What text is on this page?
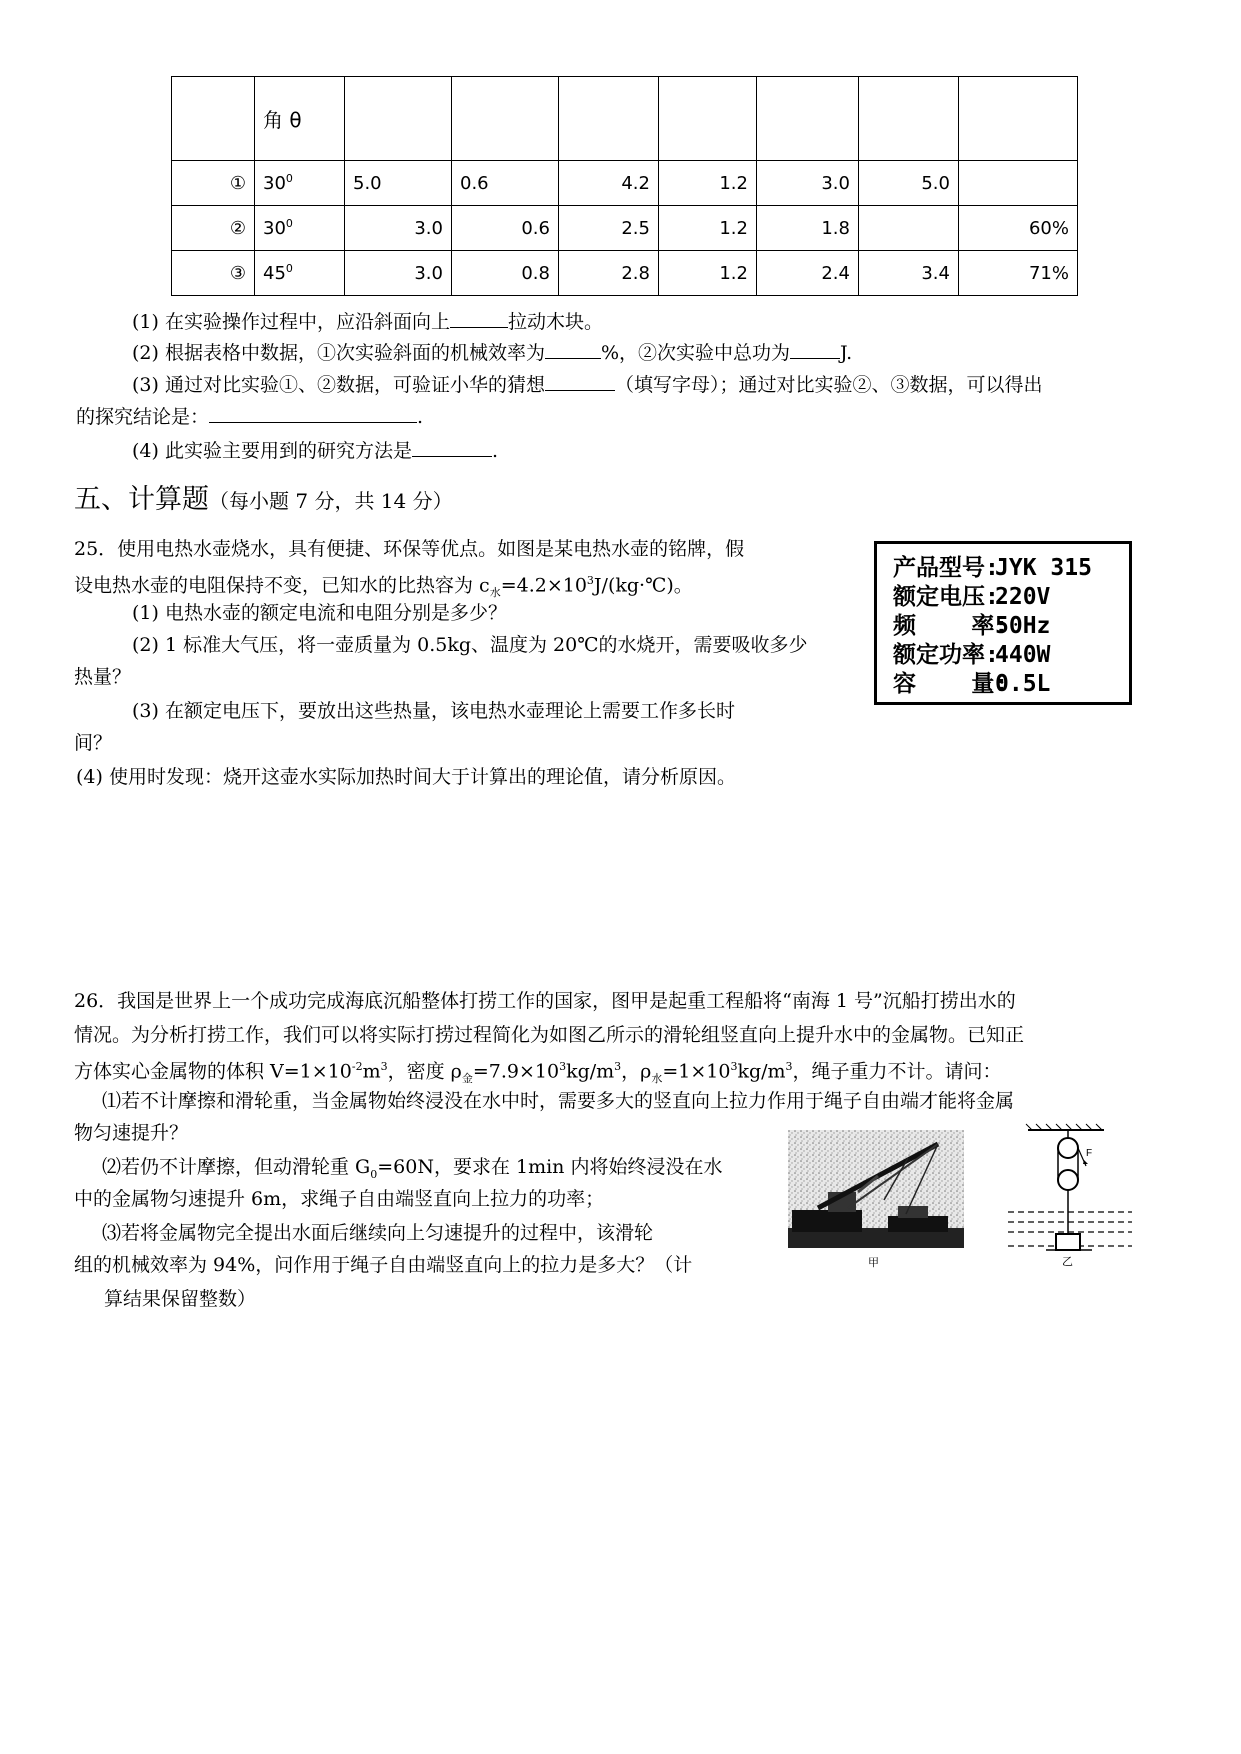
	角 θ							
①	$30^0$	5.0	0.6	4.2	1.2	3.0	5.0	
②	$30^0$	3.0	0.6	2.5	1.2	1.8		60%
③	$45^0$	3.0	0.8	2.8	1.2	2.4	3.4	71%
(1) 在实验操作过程中，应沿斜面向上	拉动木块。
(2) 根据表格中数据，①次实验斜面的机械效率为	%，②次实验中总功为	J.
(3) 通过对比实验①、②数据，可验证小华的猜想	（填写字母）；通过对比实验②、③数据，可以得出
的探究结论是：	.
(4) 此实验主要用到的研究方法是	.
五、计算题（每小题 7 分，共 14 分）
25．使用电热水壶烧水，具有便捷、环保等优点。如图是某电热水壶的铭牌，假
设电热水壶的电阻保持不变，已知水的比热容为 $c_水=4.2\times 10^3J/(kg\cdot℃)$。
(1) 电热水壶的额定电流和电阻分别是多少？
(2) 1 标准大气压，将一壶质量为 0.5kg、温度为 20℃的水烧开，需要吸收多少
热量？
(3) 在额定电压下，要放出这些热量，该电热水壶理论上需要工作多长时
间？
(4) 使用时发现：烧开这壶水实际加热时间大于计算出的理论值，请分析原因。
产品型号:
JYK 315
额定电压:
220V
频    率:
50Hz
额定功率:
440W
容    量:
0.5L
26．我国是世界上一个成功完成海底沉船整体打捞工作的国家，图甲是起重工程船将“南海 1 号”沉船打捞出水的
情况。为分析打捞工作，我们可以将实际打捞过程简化为如图乙所示的滑轮组竖直向上提升水中的金属物。已知正
方体实心金属物的体积 $V=1\times 10^{-2}m^3$，密度 $\rho_金=7.9\times 10^3kg/m^3$，$\rho_水=1\times 10^3kg/m^3$，绳子重力不计。请问：
⑴若不计摩擦和滑轮重，当金属物始终浸没在水中时，需要多大的竖直向上拉力作用于绳子自由端才能将金属
物匀速提升？
⑵若仍不计摩擦，但动滑轮重 $G_0=60N$，要求在 1min 内将始终浸没在水
中的金属物匀速提升 6m，求绳子自由端竖直向上拉力的功率；
⑶若将金属物完全提出水面后继续向上匀速提升的过程中，该滑轮
组的机械效率为 94%，问作用于绳子自由端竖直向上的拉力是多大？（计
算结果保留整数）
甲
F
乙
